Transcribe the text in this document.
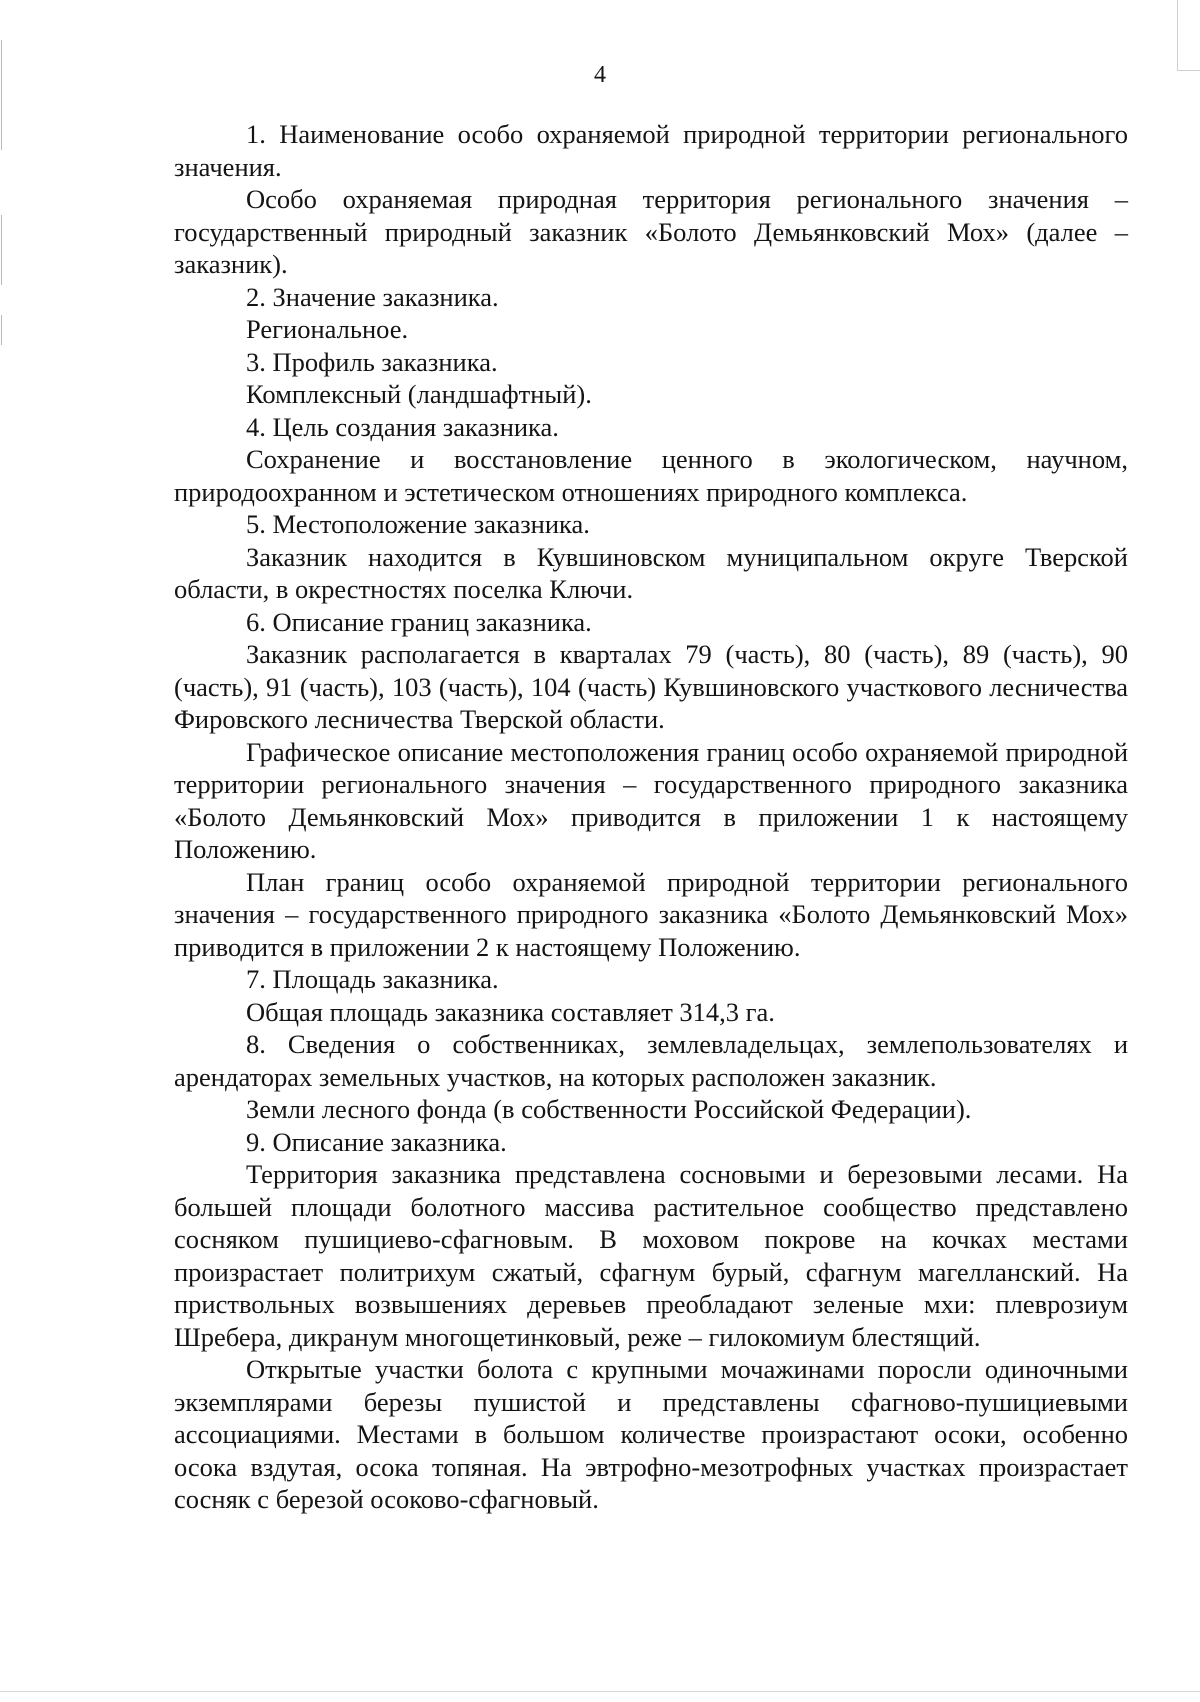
4

1. Наименование особо охраняемой природной территории регионального значения.

Особо охраняемая природная территория регионального значения – государственный природный заказник «Болото Демьянковский Мох» (далее – заказник).

2. Значение заказника.

Региональное.

3. Профиль заказника.

Комплексный (ландшафтный).

4. Цель создания заказника.

Сохранение и восстановление ценного в экологическом, научном, природоохранном и эстетическом отношениях природного комплекса.

5. Местоположение заказника.

Заказник находится в Кувшиновском муниципальном округе Тверской области, в окрестностях поселка Ключи.

6. Описание границ заказника.

Заказник располагается в кварталах 79 (часть), 80 (часть), 89 (часть), 90 (часть), 91 (часть), 103 (часть), 104 (часть) Кувшиновского участкового лесничества Фировского лесничества Тверской области.

Графическое описание местоположения границ особо охраняемой природной территории регионального значения – государственного природного заказника «Болото Демьянковский Мох» приводится в приложении 1 к настоящему Положению.

План границ особо охраняемой природной территории регионального значения – государственного природного заказника «Болото Демьянковский Мох» приводится в приложении 2 к настоящему Положению.

7. Площадь заказника.

Общая площадь заказника составляет 314,3 га.

8. Сведения о собственниках, землевладельцах, землепользователях и арендаторах земельных участков, на которых расположен заказник.

Земли лесного фонда (в собственности Российской Федерации).

9. Описание заказника.

Территория заказника представлена сосновыми и березовыми лесами. На большей площади болотного массива растительное сообщество представлено сосняком пушициево-сфагновым. В моховом покрове на кочках местами произрастает политрихум сжатый, сфагнум бурый, сфагнум магелланский. На приствольных возвышениях деревьев преобладают зеленые мхи: плеврозиум Шребера, дикранум многощетинковый, реже – гилокомиум блестящий.

Открытые участки болота с крупными мочажинами поросли одиночными экземплярами березы пушистой и представлены сфагново-пушициевыми ассоциациями. Местами в большом количестве произрастают осоки, особенно осока вздутая, осока топяная. На эвтрофно-мезотрофных участках произрастает сосняк с березой осоково-сфагновый.
